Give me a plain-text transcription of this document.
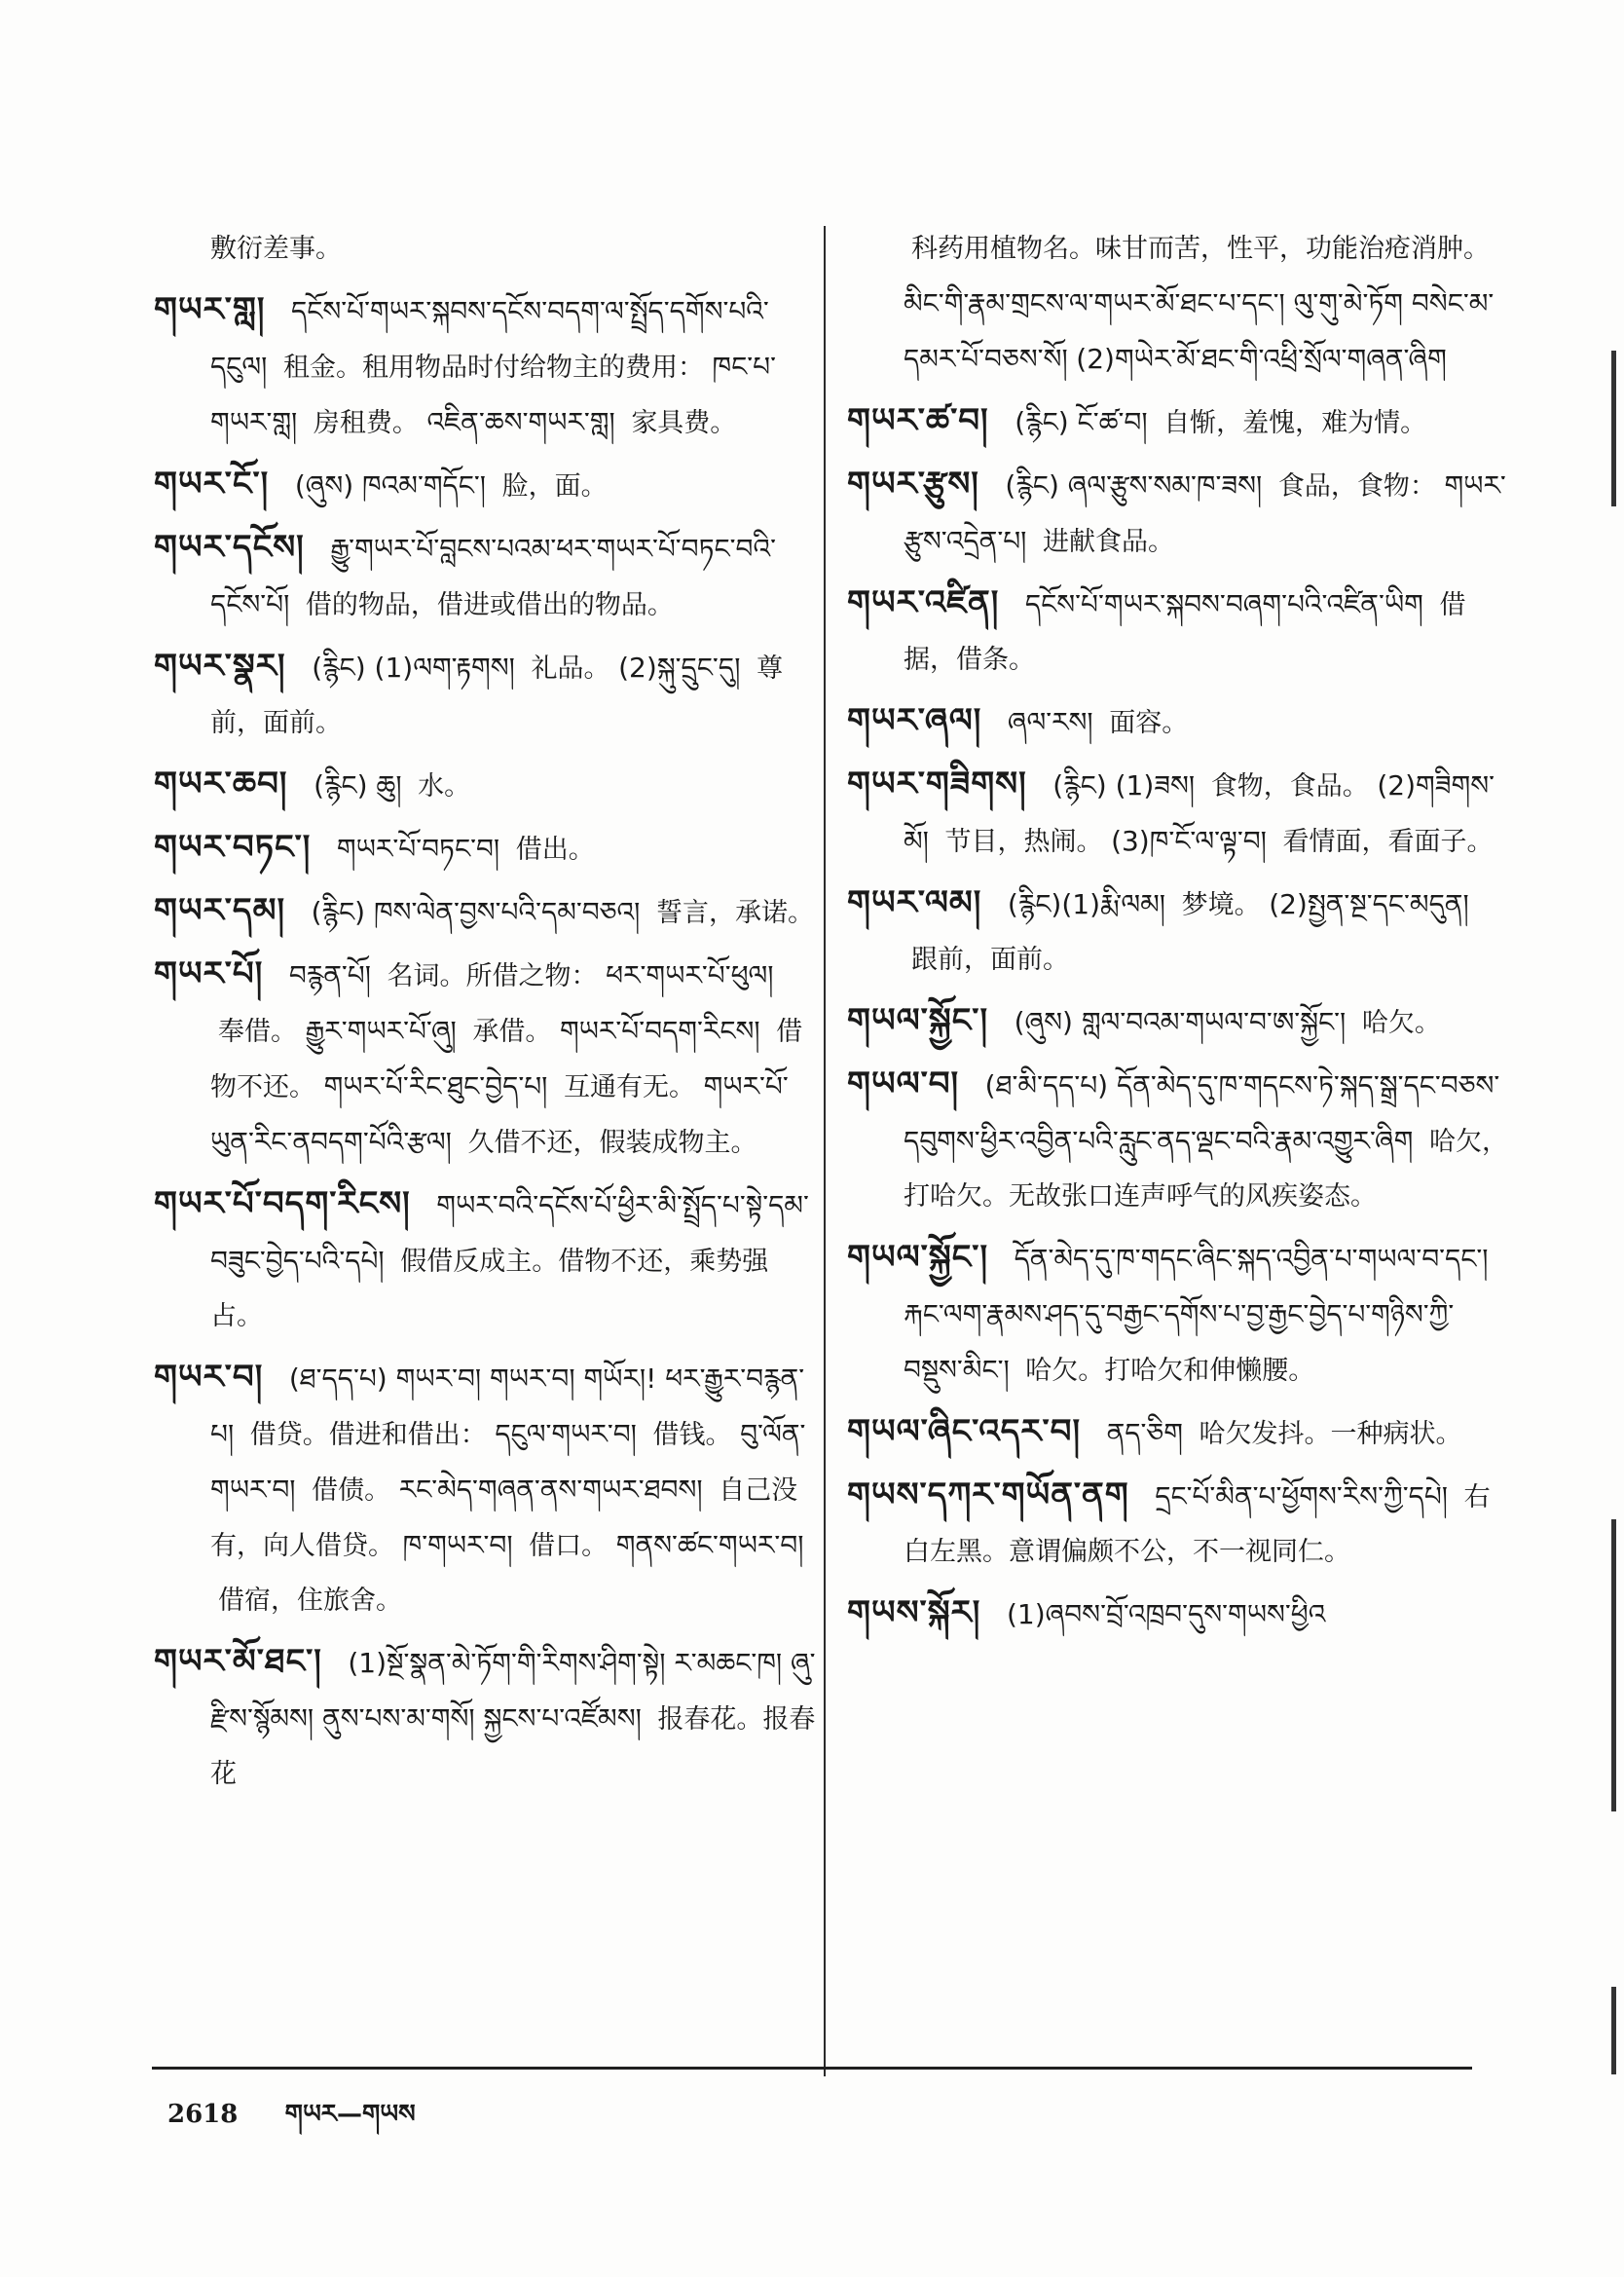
敷衍差事。
གཡར་གླ། དངོས་པོ་གཡར་སྐབས་དངོས་བདག་ལ་སྤྲོད་དགོས་པའི་དངུལ། 租金。租用物品时付给物主的费用： ཁང་པ་གཡར་གླ། 房租费。 འཇིན་ཆས་གཡར་གླ། 家具费。
གཡར་ངོ་། (ཞུས) ཁའམ་གདོང་། 脸，面。
གཡར་དངོས། རྒྱུ་གཡར་པོ་བླངས་པའམ་ཕར་གཡར་པོ་བཏང་བའི་དངོས་པོ། 借的物品，借进或借出的物品。
གཡར་སྣར། (རྙིང) (1)ལག་རྟགས། 礼品。 (2)སྐུ་དྲུང་དུ། 尊前，面前。
གཡར་ཆབ། (རྙིང) ཆུ། 水。
གཡར་བཏང་། གཡར་པོ་བཏང་བ། 借出。
གཡར་དམ། (རྙིང) ཁས་ལེན་བྱས་པའི་དམ་བཅའ། 誓言，承诺。
གཡར་པོ། བརྙན་པོ། 名词。所借之物： ཕར་གཡར་པོ་ཕུལ། 奉借。 རྒྱུར་གཡར་པོ་ཞུ། 承借。 གཡར་པོ་བདག་རིངས། 借物不还。 གཡར་པོ་རིང་ཐུང་བྱེད་པ། 互通有无。 གཡར་པོ་ཡུན་རིང་ནབདག་པོའི་རྩལ། 久借不还，假装成物主。
གཡར་པོ་བདག་རིངས། གཡར་བའི་དངོས་པོ་ཕྱིར་མི་སྤྲོད་པ་སྟེ་དམ་བཟུང་བྱེད་པའི་དཔེ། 假借反成主。借物不还，乘势强占。
གཡར་བ། (ཐ་དད་པ) གཡར་བ། གཡར་བ། གཡོར།! ཕར་རྒྱུར་བརྙན་པ། 借贷。借进和借出： དངུལ་གཡར་བ། 借钱。 བུ་ལོན་གཡར་བ། 借债。 རང་མེད་གཞན་ནས་གཡར་ཐབས། 自己没有，向人借贷。 ཁ་གཡར་བ། 借口。 གནས་ཚང་གཡར་བ། 借宿，住旅舍。
གཡར་མོ་ཐང་། (1)སྔོ་སྣན་མེ་ཏོག་གི་རིགས་ཤིག་སྟེ། ར་མཆང་ཁ། ཞུ་རྫིས་སྙོམས། ནུས་པས་མ་གསོ། སྐྱངས་པ་འཛོམས། 报春花。报春花
科药用植物名。味甘而苦，性平，功能治疮消肿。 མིང་གི་རྣམ་གྲངས་ལ་གཡར་མོ་ཐང་པ་དང་། ལུ་གུ་མེ་ཏོག བསེང་མ་དམར་པོ་བཅས་སོ། (2)གཡེར་མོ་ཐང་གི་འཕྲི་སྲོལ་གཞན་ཞིག
གཡར་ཚ་བ། (རྙིང) ངོ་ཚ་བ། 自惭，羞愧，难为情。
གཡར་རྩུས། (རྙིང) ཞལ་རྩུས་སམ་ཁ་ཟས། 食品，食物： གཡར་རྩུས་འདྲེན་པ། 进献食品。
གཡར་འཛིན། དངོས་པོ་གཡར་སྐབས་བཞག་པའི་འཛིན་ཡིག 借据，借条。
གཡར་ཞལ། ཞལ་རས། 面容。
གཡར་གཟིགས། (རྙིང) (1)ཟས། 食物，食品。 (2)གཟིགས་མོ། 节目，热闹。 (3)ཁ་ངོ་ལ་ལྟ་བ། 看情面，看面子。
གཡར་ལམ། (རྙིང)(1)རྨི་ལམ། 梦境。 (2)སྤྱན་སྔ་དང་མདུན། 跟前，面前。
གཡལ་སྐྱོང་། (ཞུས) གླལ་བའམ་གཡལ་བ་ཨ་སྐྱོང་། 哈欠。
གཡལ་བ། (ཐ་མི་དད་པ) དོན་མེད་དུ་ཁ་གདངས་ཏེ་སྐད་སྒྲ་དང་བཅས་དབུགས་ཕྱིར་འབྱིན་པའི་རླུང་ནད་ལྡང་བའི་རྣམ་འགྱུར་ཞིག 哈欠，打哈欠。无故张口连声呼气的风疾姿态。
གཡལ་སྐྱོང་། དོན་མེད་དུ་ཁ་གདང་ཞིང་སྐད་འབྱིན་པ་གཡལ་བ་དང་། རྐང་ལག་རྣམས་ཤད་དུ་བརྒྱང་དགོས་པ་བྱ་རྒྱང་བྱེད་པ་གཉིས་ཀྱི་བསྡུས་མིང་། 哈欠。打哈欠和伸懒腰。
གཡལ་ཞིང་འདར་བ། ནད་ཅིག 哈欠发抖。一种病状。
གཡས་དཀར་གཡོན་ནག དྲང་པོ་མིན་པ་ཕྱོགས་རིས་ཀྱི་དཔེ། 右白左黑。意谓偏颇不公，不一视同仁。
གཡས་སྐོར། (1)ཞབས་བྲོ་འཁྲབ་དུས་གཡས་ཕྱིའ
2618 གཡར—གཡས
